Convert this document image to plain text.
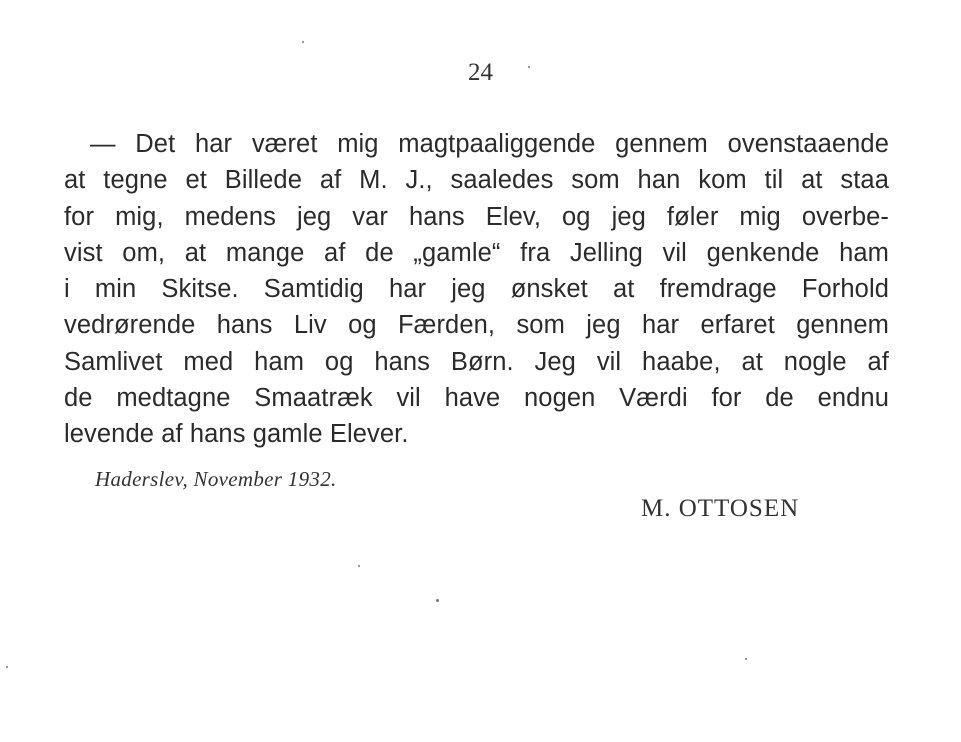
24
— Det har været mig magtpaaliggende gennem ovenstaaende
at tegne et Billede af M. J., saaledes som han kom til at staa
for mig, medens jeg var hans Elev, og jeg føler mig overbe-
vist om, at mange af de „gamle“ fra Jelling vil genkende ham
i min Skitse. Samtidig har jeg ønsket at fremdrage Forhold
vedrørende hans Liv og Færden, som jeg har erfaret gennem
Samlivet med ham og hans Børn. Jeg vil haabe, at nogle af
de medtagne Smaatræk vil have nogen Værdi for de endnu
levende af hans gamle Elever.
Haderslev, November 1932.
M. OTTOSEN
